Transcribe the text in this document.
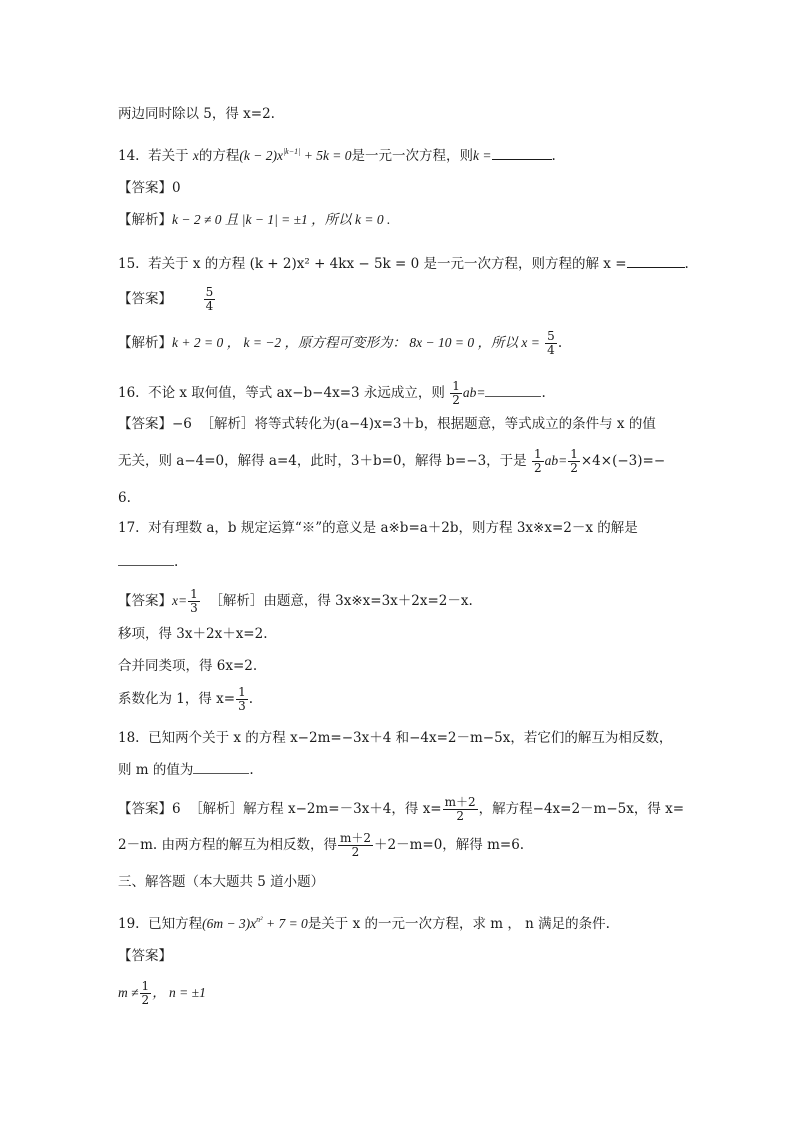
两边同时除以 5，得 x=2.
14. 若关于 x的方程$(k - 2)x^{|k-1|} + 5k = 0$是一元一次方程，则k =	.
【答案】0
【解析】k − 2 ≠ 0 且 |k − 1| = ±1 ，所以 k = 0 .
15. 若关于 x 的方程 (k + 2)x² + 4kx − 5k = 0 是一元一次方程，则方程的解 x =	.
【答案】	$\frac{5}{4}$
【解析】k + 2 = 0 ， k = −2 ，原方程可变形为： 8x − 10 = 0 ，所以 $x = \frac{5}{4}$ .
16. 不论 x 取何值，等式 ax−b−4x=3 永远成立，则 $\frac{1}{2} ab=$	.
【答案】−6 ［解析］将等式转化为(a−4)x=3＋b，根据题意，等式成立的条件与 x 的值
无关，则 a−4=0，解得 a=4，此时，3＋b=0，解得 b=−3，于是 $\frac{1}{2} ab= \frac{1}{2} \times 4\times(-3)=-$
6.
17. 对有理数 a，b 规定运算“※”的意义是 a※b=a＋2b，则方程 3x※x=2－x 的解是
.
【答案】$x= \frac{1}{3}$ ［解析］由题意，得 3x※x=3x＋2x=2－x.
移项，得 3x＋2x＋x=2.
合并同类项，得 6x=2.
系数化为 1，得 $x= \frac{1}{3}$ .
18. 已知两个关于 x 的方程 x−2m=−3x＋4 和−4x=2－m−5x，若它们的解互为相反数，
则 m 的值为	.
【答案】6 ［解析］解方程 x−2m=－3x＋4，得 $x= \frac{m+2}{2}$ ，解方程−4x=2－m−5x，得 x=
2－m. 由两方程的解互为相反数，得 $\frac{m+2}{2} +2-m=0$，解得 m=6.
三、解答题（本大题共 5 道小题）
19. 已知方程$(6m - 3)x^{n^2} + 7 = 0$是关于 x 的一元一次方程，求 m ， n 满足的条件.
【答案】
$m \ne \frac{1}{2}$ ， n = ±1
